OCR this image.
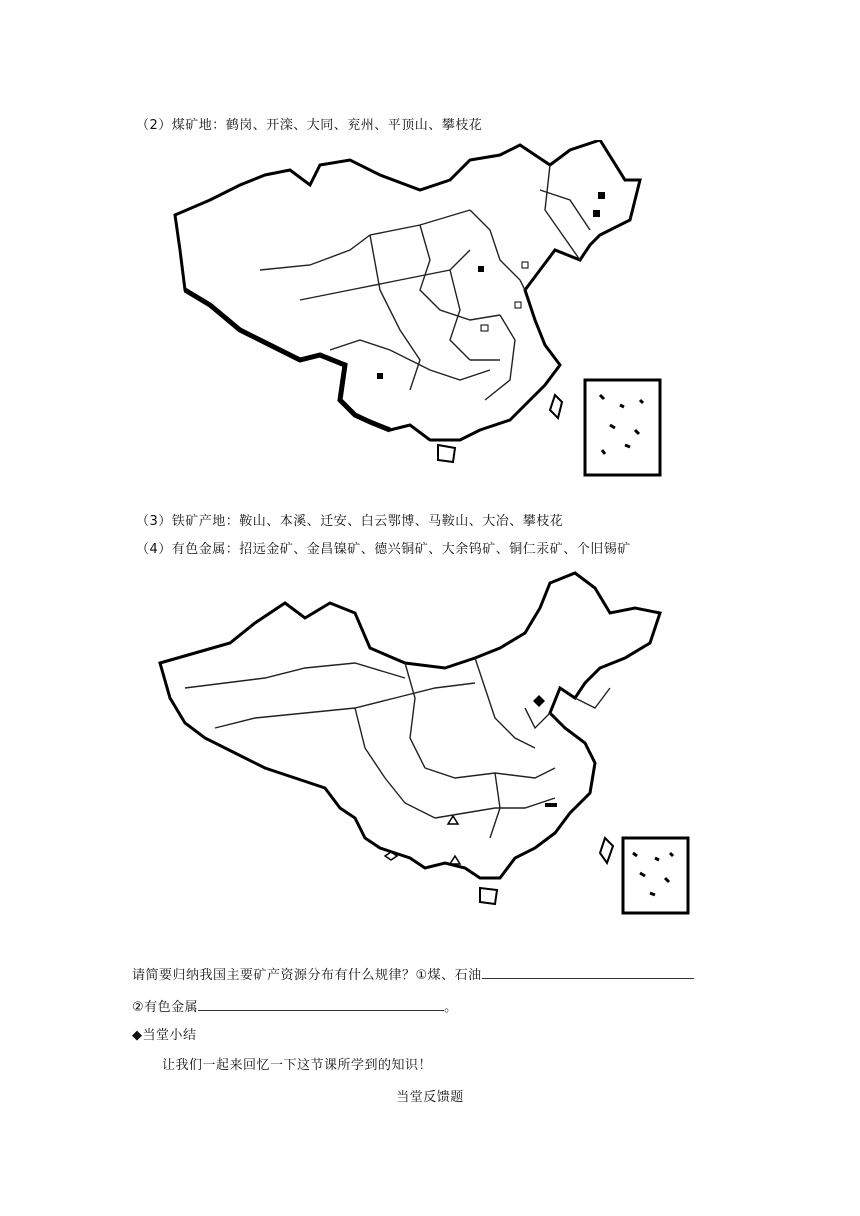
（2）煤矿地：鹤岗、开滦、大同、兖州、平顶山、攀枝花
（3）铁矿产地：鞍山、本溪、迁安、白云鄂博、马鞍山、大冶、攀枝花
（4）有色金属：招远金矿、金昌镍矿、德兴铜矿、大余钨矿、铜仁汞矿、个旧锡矿
请简要归纳我国主要矿产资源分布有什么规律？①煤、石油
②有色金属	。
◆当堂小结
让我们一起来回忆一下这节课所学到的知识！
当堂反馈题
